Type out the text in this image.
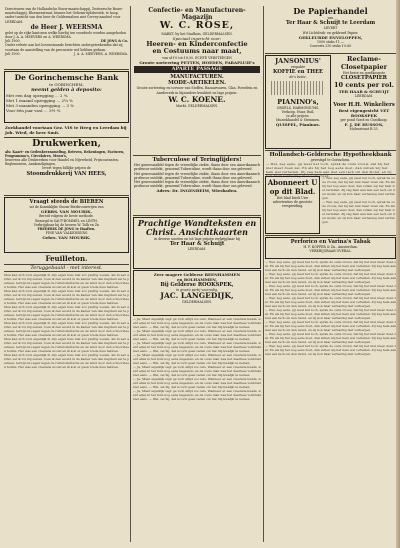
Directeuren van de Hollandsche Bouw-maatschappij, Zwitsersche Bouw-maatschappij, Bloemenstraat, binnen het Geheim-tijdsbestek, te koop, onder toezicht van den heer de Geldermalsen met Cervey-aandeel voor LEERDAM.
de Heer J. WEERSMA
gelet op de rijke kantoren welke hierbij ten voordeele worden aangeboden door J. A. A. MEEVERS en A. WEERSMA.
Juli 1900.	DE JONG & Co.
Onder referte aan het bovenstaande berichten ondergeteekenden dat zij voortaan de aanstelling van de procuratie wel hebben gedaan.
Juli 1900.	J. A. A. MEEVERS, A. WEERSMA.
De Gorinchemsche Bank
te GORINCHEM,
neemt gelden à deposito:
Met een dag opzegging ... 2 %
Met 1 maand opzegging ... 2¼ %
Met 3 maanden opzegging ... 3 %
Voor één jaar vast ... 3½ %
Zoekhandel voortaan Gez. VIS te Heeg en Leerdam bij Joh. Wied, de heer Smit.
Drukwerken,
als: Kaart- en Gedenkverzameling, Brieven, Rekeningen, Facturen, Programma's, Circulaires, Menu's,
benevens alle Drukwerken voor Handel en Nijverheid, Prijscouranten, Reglementen, Aankondigingen,
levert tegen billijke prijzen de
Stoomdrukkerij VAN HEES,
Vraagt steeds de BIEREN
uit de Koninklijke Stoom-Bierbrouwerijen van
GEBRS. VAN MOURIK.
Bereid volgens de beste methode.
Bezorgd in SAUT-BOMMEL en LINTH.
Verkrijgbaar bij de heeren W. Tolk en Zn
FREDERIK DE JONG te Haaften.
FINE VAN VALKENBURG
Gebrs. VAN MOURIK.
Feuilleton.
Teruggebaald - met interest.
Men kan zich toch eigenlijk in zijn eigen huis niet zóó prettig voelen, als in een ander, zei ik tot mij zelven, toen ik den avond in de kamer van den kapitein zat te peinzen, terwijl de regen tegen de ruiten kletterde en de wind door den schoorsteen huilde. Het was een vreemde avond en ik kon er geen vrede mee hebben.
Men kan zich toch eigenlijk in zijn eigen huis niet zóó prettig voelen, als in een ander, zei ik tot mij zelven, toen ik den avond in de kamer van den kapitein zat te peinzen, terwijl de regen tegen de ruiten kletterde en de wind door den schoorsteen huilde. Het was een vreemde avond en ik kon er geen vrede mee hebben.
Men kan zich toch eigenlijk in zijn eigen huis niet zóó prettig voelen, als in een ander, zei ik tot mij zelven, toen ik den avond in de kamer van den kapitein zat te peinzen, terwijl de regen tegen de ruiten kletterde en de wind door den schoorsteen huilde. Het was een vreemde avond en ik kon er geen vrede mee hebben.
Men kan zich toch eigenlijk in zijn eigen huis niet zóó prettig voelen, als in een ander, zei ik tot mij zelven, toen ik den avond in de kamer van den kapitein zat te peinzen, terwijl de regen tegen de ruiten kletterde en de wind door den schoorsteen huilde. Het was een vreemde avond en ik kon er geen vrede mee hebben.
Men kan zich toch eigenlijk in zijn eigen huis niet zóó prettig voelen, als in een ander, zei ik tot mij zelven, toen ik den avond in de kamer van den kapitein zat te peinzen, terwijl de regen tegen de ruiten kletterde en de wind door den schoorsteen huilde. Het was een vreemde avond en ik kon er geen vrede mee hebben.
Men kan zich toch eigenlijk in zijn eigen huis niet zóó prettig voelen, als in een ander, zei ik tot mij zelven, toen ik den avond in de kamer van den kapitein zat te peinzen, terwijl de regen tegen de ruiten kletterde en de wind door den schoorsteen huilde. Het was een vreemde avond en ik kon er geen vrede mee hebben.
Confectie- en Manufacturen-Magazijn
W. C. ROSE,
MARKT, by het Stadhuis, GELDERMALSEN.
Speciaal ingericht voor:
Heeren- en Kinderconfectie
en Costuums naar maat,
van af f 0 tot f 8,50. ECHTE VERSTEEGEN
Groote sorteering PETTEN, HOEDEN, PARAPLUIE's
APARTE PASSAGE
MANUFACTUREN.
MODE-ARTIKELEN.
Groote sorteering en toevoer van Stoffen, Bazaarwaren, Glas, Porselein en Aardewerk in bijzondere kwaliteit en lage prijzen.
W. C. KOENE.
Markt, GELDERMALSEN.
Tuberculose of Teringlijders!
Het geneesmiddel tegen de vreeselijke ziekte, thans door een Amerikaansch professor ontdekt, genoemd Tuberculine, wordt thans door ons geleverd.
Het geneesmiddel tegen de vreeselijke ziekte, thans door een Amerikaansch professor ontdekt, genoemd Tuberculine, wordt thans door ons geleverd.
Het geneesmiddel tegen de vreeselijke ziekte, thans door een Amerikaansch professor ontdekt, genoemd Tuberculine, wordt thans door ons geleverd.
Adres: Dr. INGENHEIM, Wiesbaden.
Prachtige Wandteksten en Christ. Ansichtkaarten
in diverse soorten en tot lage prijzen verkrijgbaar bij
Ter Haar & Schuijt
LEERDAM.
Zeer magere Gelderse BEENHAMMEN
en ROLHAMMEN,
Bij Gelderse ROOKSPEK,
in groote partij voorradig.
JAC. LANGEDIJK,
GELDERMALSEN.
— Ja, Maar eigenlijk zegt ge toch altijd zoo iets. Wanneer er een vreemde kwam, werd alles in het huis nog eens nagezien; en de oude man was het daarmee volstrekt niet eens. — Wel, zei hij, dat is toch geen reden om het mij kwalijk te nemen.
— Ja, Maar eigenlijk zegt ge toch altijd zoo iets. Wanneer er een vreemde kwam, werd alles in het huis nog eens nagezien; en de oude man was het daarmee volstrekt niet eens. — Wel, zei hij, dat is toch geen reden om het mij kwalijk te nemen.
— Ja, Maar eigenlijk zegt ge toch altijd zoo iets. Wanneer er een vreemde kwam, werd alles in het huis nog eens nagezien; en de oude man was het daarmee volstrekt niet eens. — Wel, zei hij, dat is toch geen reden om het mij kwalijk te nemen.
— Ja, Maar eigenlijk zegt ge toch altijd zoo iets. Wanneer er een vreemde kwam, werd alles in het huis nog eens nagezien; en de oude man was het daarmee volstrekt niet eens. — Wel, zei hij, dat is toch geen reden om het mij kwalijk te nemen.
— Ja, Maar eigenlijk zegt ge toch altijd zoo iets. Wanneer er een vreemde kwam, werd alles in het huis nog eens nagezien; en de oude man was het daarmee volstrekt niet eens. — Wel, zei hij, dat is toch geen reden om het mij kwalijk te nemen.
— Ja, Maar eigenlijk zegt ge toch altijd zoo iets. Wanneer er een vreemde kwam, werd alles in het huis nog eens nagezien; en de oude man was het daarmee volstrekt niet eens. — Wel, zei hij, dat is toch geen reden om het mij kwalijk te nemen.
— Ja, Maar eigenlijk zegt ge toch altijd zoo iets. Wanneer er een vreemde kwam, werd alles in het huis nog eens nagezien; en de oude man was het daarmee volstrekt niet eens. — Wel, zei hij, dat is toch geen reden om het mij kwalijk te nemen.
De Papierhandel
van
Ter Haar & Schuijt te Leerdam
LEVERT
Wit Lichtdruk- en gekleurd Papier.
GEKLEURDE ENVELOPPEN,
1000 stuks f 1.—
Couverts 250 stuks f 0.60
JANSONIUS'
verpakte
KOFFIE en THEE
de's beste.
PIANINO's,
ORGELS, HARMONIUMS,
Verkoop, Huur, Ruil,
in alle prijzen.
Muziekhandel & Stemmen.
QUISPEL, Pianinos.
Reclame-Closetpapier
Het beste en goedkoopste
CLOSETPAPIER
10 cents per rol.
TER HAAR & SCHUIJT
LEERDAM.
Voor H.H. Winkeliers
Best eigengesicht VET ROOKSPEK
per pond Goed en Goedkoop.
F. J. DE HUSSON,
Molenstraat B 25.
Hollandsch-Geldersche Hypotheekbank
gevestigd te Gorinchem.
— Wel, zeg eens, gij weet het toch, sprak de oude vrouw, dat hij het niet meer doen zal. En als hij het nog eens doet, dan zullen wij het hem wel vertellen. Zij zag hem aan met een lach om den mond, en zij kon haar verbazing niet verbergen.
Abonneert U op dit Blad.
Het blad biedt Uwe advertenties de grootste verspreiding.
— Wel, zeg eens, gij weet het toch, sprak de oude vrouw, dat hij het niet meer doen zal. En als hij het nog eens doet, dan zullen wij het hem wel vertellen. Zij zag hem aan met een lach om den mond, en zij kon haar verbazing niet verbergen.
— Wel, zeg eens, gij weet het toch, sprak de oude vrouw, dat hij het niet meer doen zal. En als hij het nog eens doet, dan zullen wij het hem wel vertellen. Zij zag hem aan met een lach om den mond, en zij kon haar verbazing niet verbergen.
Perforico en Varina's Tabak
H. F. KOPPER & Zn., Amsterdam.
VERKRIJGBAAR OVERAL.
— Wel, zeg eens, gij weet het toch, sprak de oude vrouw, dat hij het niet meer doen zal. En als hij het nog eens doet, dan zullen wij het hem wel vertellen. Zij zag hem aan met een lach om den mond, en zij kon haar verbazing niet verbergen.
— Wel, zeg eens, gij weet het toch, sprak de oude vrouw, dat hij het niet meer doen zal. En als hij het nog eens doet, dan zullen wij het hem wel vertellen. Zij zag hem aan met een lach om den mond, en zij kon haar verbazing niet verbergen.
— Wel, zeg eens, gij weet het toch, sprak de oude vrouw, dat hij het niet meer doen zal. En als hij het nog eens doet, dan zullen wij het hem wel vertellen. Zij zag hem aan met een lach om den mond, en zij kon haar verbazing niet verbergen.
— Wel, zeg eens, gij weet het toch, sprak de oude vrouw, dat hij het niet meer doen zal. En als hij het nog eens doet, dan zullen wij het hem wel vertellen. Zij zag hem aan met een lach om den mond, en zij kon haar verbazing niet verbergen.
— Wel, zeg eens, gij weet het toch, sprak de oude vrouw, dat hij het niet meer doen zal. En als hij het nog eens doet, dan zullen wij het hem wel vertellen. Zij zag hem aan met een lach om den mond, en zij kon haar verbazing niet verbergen.
— Wel, zeg eens, gij weet het toch, sprak de oude vrouw, dat hij het niet meer doen zal. En als hij het nog eens doet, dan zullen wij het hem wel vertellen. Zij zag hem aan met een lach om den mond, en zij kon haar verbazing niet verbergen.
— Wel, zeg eens, gij weet het toch, sprak de oude vrouw, dat hij het niet meer doen zal. En als hij het nog eens doet, dan zullen wij het hem wel vertellen. Zij zag hem aan met een lach om den mond, en zij kon haar verbazing niet verbergen.
— Wel, zeg eens, gij weet het toch, sprak de oude vrouw, dat hij het niet meer doen zal. En als hij het nog eens doet, dan zullen wij het hem wel vertellen. Zij zag hem aan met een lach om den mond, en zij kon haar verbazing niet verbergen.
